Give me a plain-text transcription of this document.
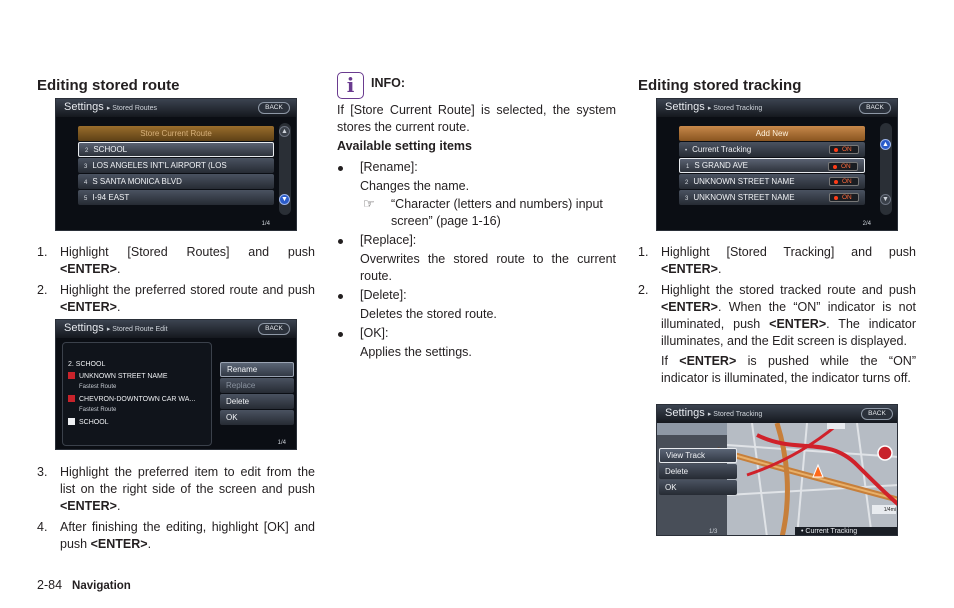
Editing stored route
Settings ▸ Stored Routes	BACK
Store Current Route
2 SCHOOL
3 LOS ANGELES INT'L AIRPORT (LOS
4 S SANTA MONICA BLVD
5 I-94 EAST
▲
▼
1/4
1. Highlight [Stored Routes] and push <ENTER>.
2. Highlight the preferred stored route and push <ENTER>.
Settings ▸ Stored Route Edit	BACK
2. SCHOOL
UNKNOWN STREET NAME
Fastest Route
CHEVRON-DOWNTOWN CAR WA...
Fastest Route
SCHOOL
Rename
Replace
Delete
OK
1/4
3. Highlight the preferred item to edit from the list on the right side of the screen and push <ENTER>.
4. After finishing the editing, highlight [OK] and push <ENTER>.
i	INFO:

If [Store Current Route] is selected, the system stores the current route.

Available setting items

[Rename]:
Changes the name.
☞ “Character (letters and numbers) input screen” (page 1-16)
[Replace]:
Overwrites the stored route to the current route.
[Delete]:
Deletes the stored route.
[OK]:
Applies the settings.
Editing stored tracking
Settings ▸ Stored Tracking	BACK
Add New
• Current Tracking	ON
1 S GRAND AVE	ON
2 UNKNOWN STREET NAME	ON
3 UNKNOWN STREET NAME	ON
▲
▼
2/4
1. Highlight [Stored Tracking] and push <ENTER>.
2. Highlight the stored tracked route and push <ENTER>. When the “ON” indicator is not illuminated, push <ENTER>. The indicator illuminates, and the Edit screen is displayed.
If <ENTER> is pushed while the “ON” indicator is illuminated, the indicator turns off.
Settings ▸ Stored Tracking	BACK
View Track
Delete
OK
1/3	• Current Tracking
1/4mi
2-84 Navigation
